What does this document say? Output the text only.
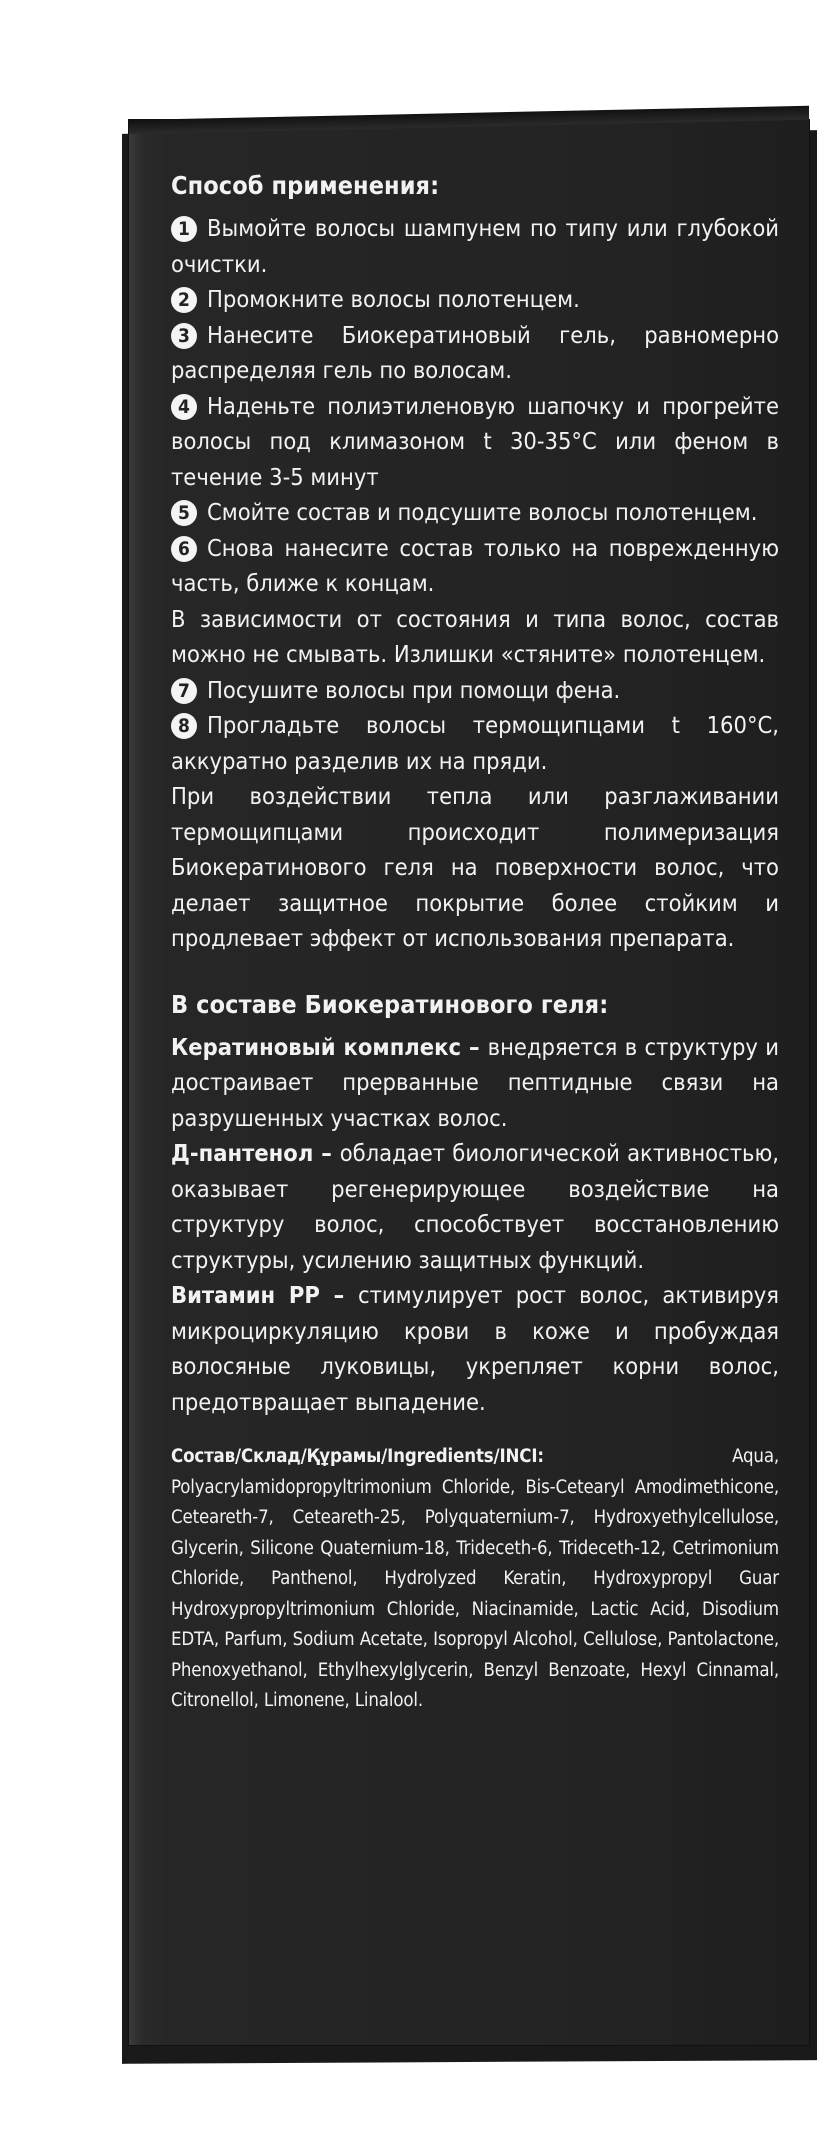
Способ применения:

1 Вымойте волосы шампунем по типу или глубокой очистки.

2 Промокните волосы полотенцем.

3 Нанесите Биокератиновый гель, равномерно распределяя гель по волосам.

4 Наденьте полиэтиленовую шапочку и прогрейте волосы под климазоном t 30-35°С или феном в течение 3-5 минут

5 Смойте состав и подсушите волосы полотенцем.

6 Снова нанесите состав только на поврежденную часть, ближе к концам.

В зависимости от состояния и типа волос, состав можно не смывать. Излишки «стяните» полотенцем.

7 Посушите волосы при помощи фена.

8 Прогладьте волосы термощипцами t 160°С, аккуратно разделив их на пряди.

При воздействии тепла или разглаживании термощипцами происходит полимеризация Биокератинового геля на поверхности волос, что делает защитное покрытие более стойким и продлевает эффект от использования препарата.

В составе Биокератинового геля:

Кератиновый комплекс – внедряется в структуру и достраивает прерванные пептидные связи на разрушенных участках волос.

Д-пантенол – обладает биологической активностью, оказывает регенерирующее воздействие на структуру волос, способствует восстановлению структуры, усилению защитных функций.

Витамин РР – стимулирует рост волос, активируя микроциркуляцию крови в коже и пробуждая волосяные луковицы, укрепляет корни волос, предотвращает выпадение.

Состав/Склад/Құрамы/Ingredients/INCI: Aqua, Polyacrylamidopropyltrimonium Chloride, Bis-Cetearyl Amodimethicone, Ceteareth-7, Ceteareth-25, Polyquaternium-7, Hydroxyethylcellulose, Glycerin, Silicone Quaternium-18, Trideceth-6, Trideceth-12, Cetrimonium Chloride, Panthenol, Hydrolyzed Keratin, Hydroxypropyl Guar Hydroxypropyltrimonium Chloride, Niacinamide, Lactic Acid, Disodium EDTA, Parfum, Sodium Acetate, Isopropyl Alcohol, Cellulose, Pantolactone, Phenoxyethanol, Ethylhexylglycerin, Benzyl Benzoate, Hexyl Cinnamal, Citronellol, Limonene, Linalool.
